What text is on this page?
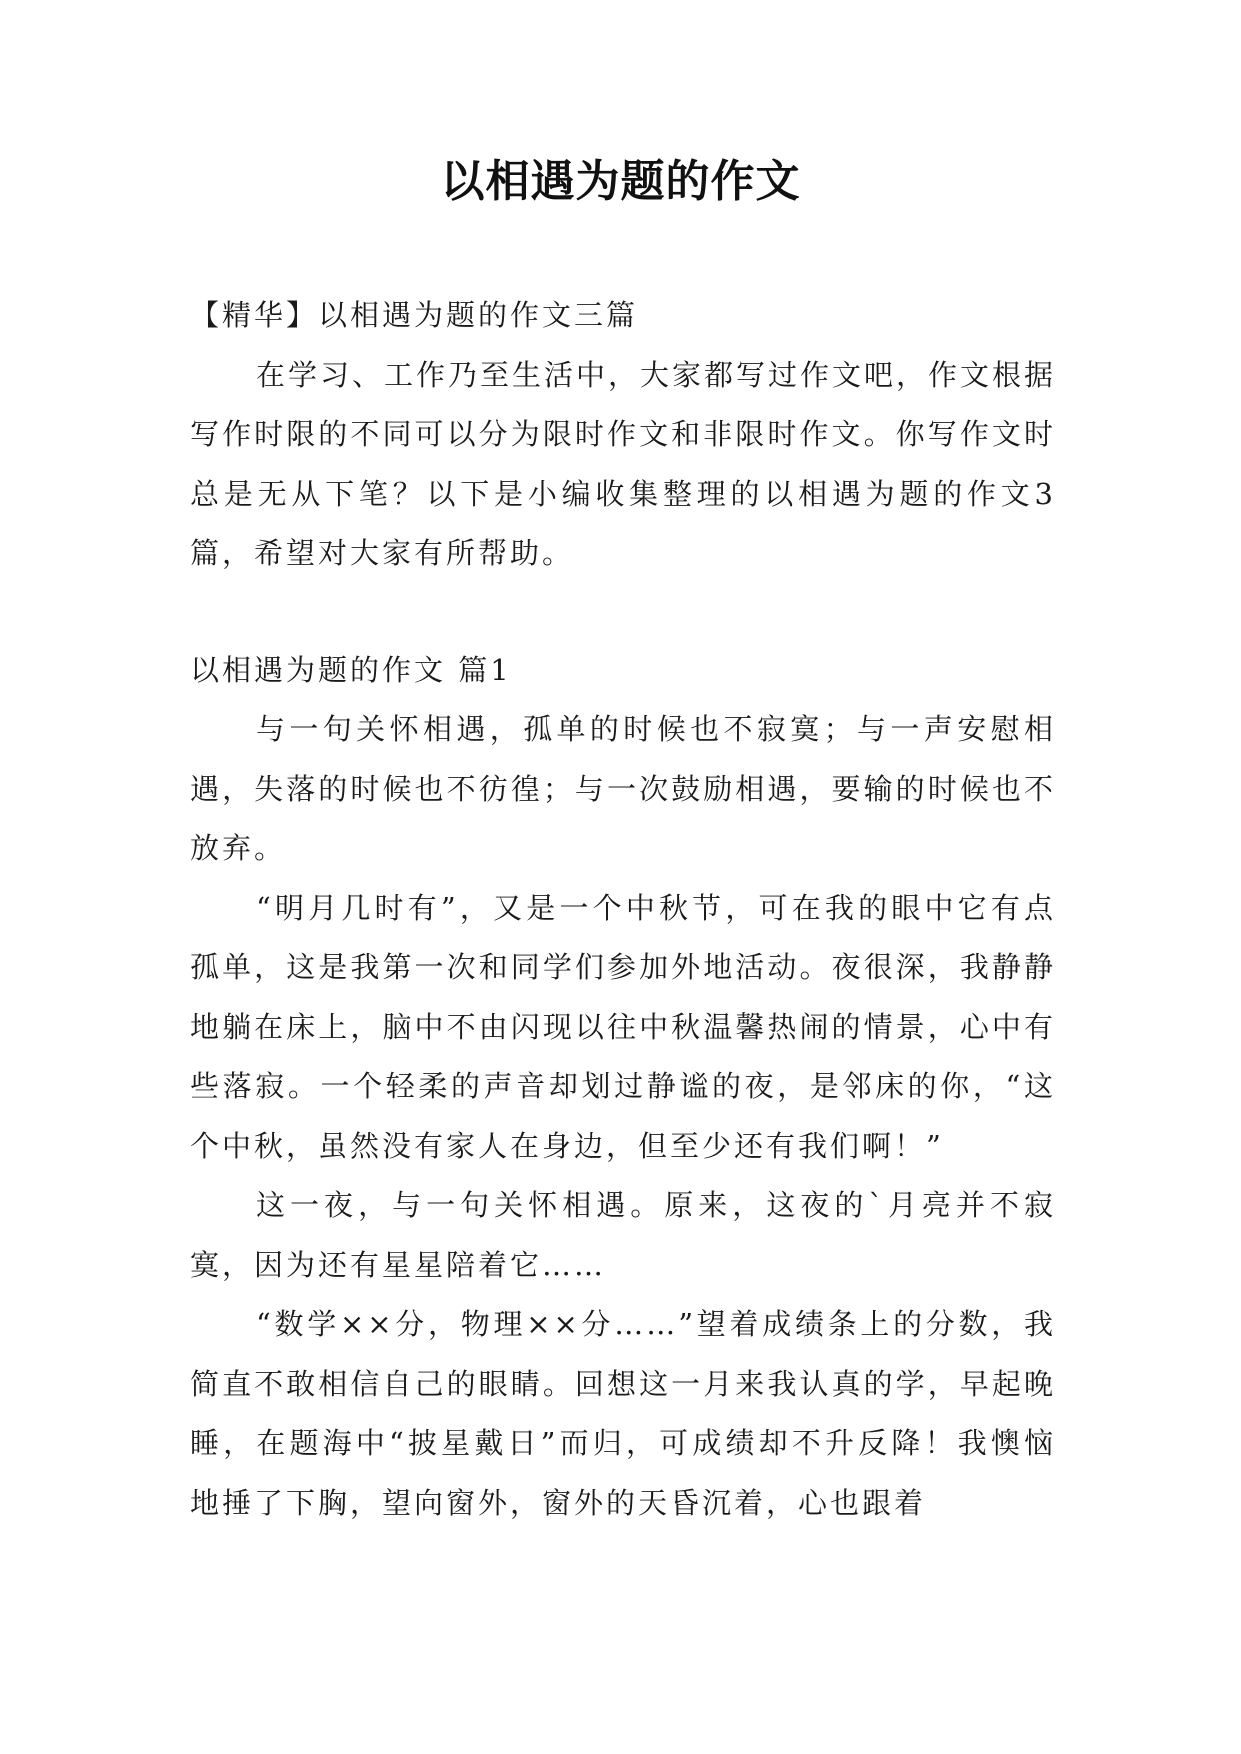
以相遇为题的作文

【精华】以相遇为题的作文三篇

在学习、工作乃至生活中，大家都写过作文吧，作文根据写作时限的不同可以分为限时作文和非限时作文。你写作文时总是无从下笔？以下是小编收集整理的以相遇为题的作文3篇，希望对大家有所帮助。

以相遇为题的作文 篇1

与一句关怀相遇，孤单的时候也不寂寞；与一声安慰相遇，失落的时候也不彷徨；与一次鼓励相遇，要输的时候也不放弃。

“明月几时有”，又是一个中秋节，可在我的眼中它有点孤单，这是我第一次和同学们参加外地活动。夜很深，我静静地躺在床上，脑中不由闪现以往中秋温馨热闹的情景，心中有些落寂。一个轻柔的声音却划过静谧的夜，是邻床的你，“这个中秋，虽然没有家人在身边，但至少还有我们啊！”

这一夜，与一句关怀相遇。原来，这夜的`月亮并不寂寞，因为还有星星陪着它……

“数学××分，物理××分……”望着成绩条上的分数，我简直不敢相信自己的眼睛。回想这一月来我认真的学，早起晚睡，在题海中“披星戴日”而归，可成绩却不升反降！我懊恼地捶了下胸，望向窗外，窗外的天昏沉着，心也跟着
